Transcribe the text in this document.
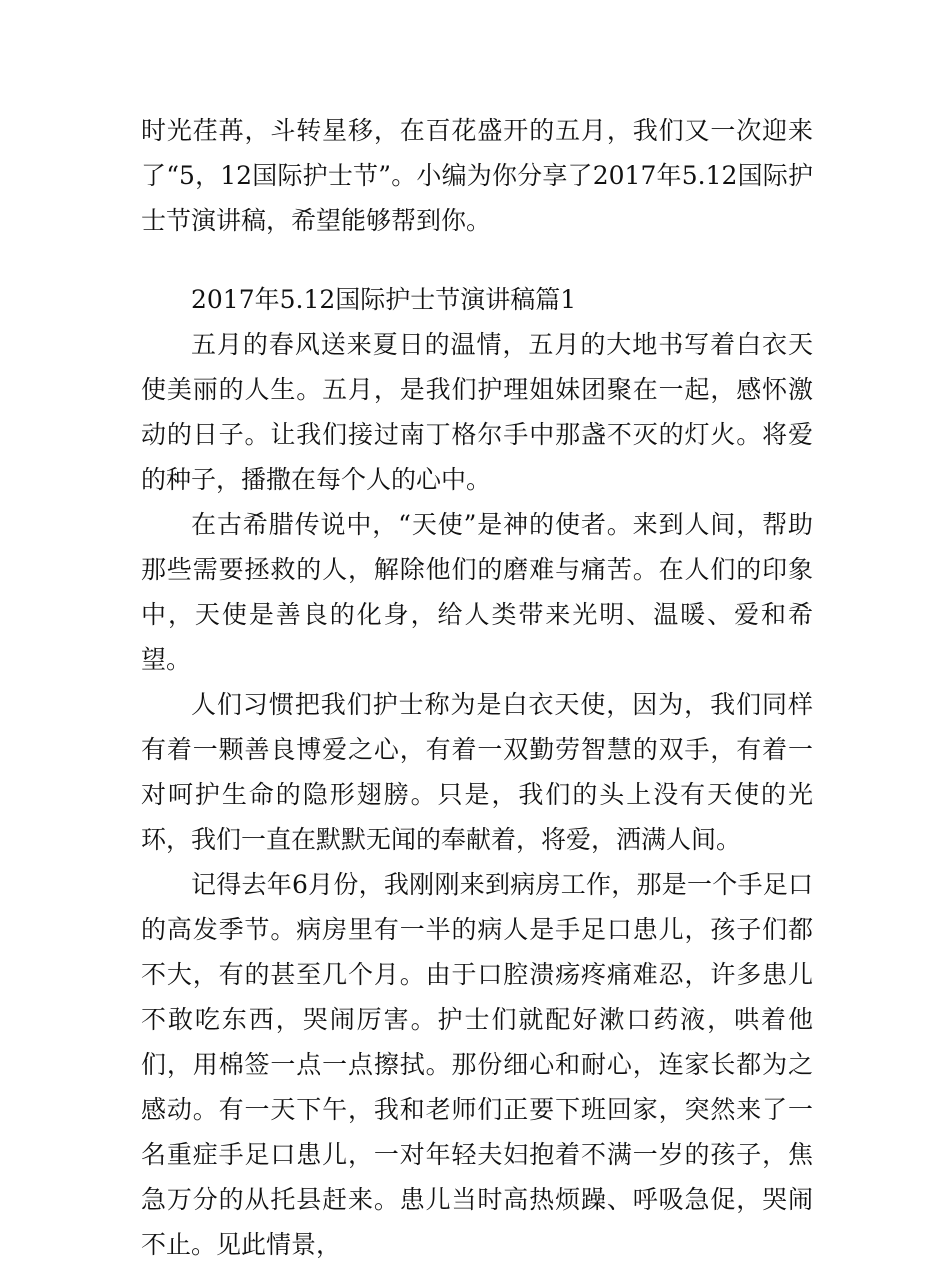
时光荏苒，斗转星移，在百花盛开的五月，我们又一次迎来了“5，12国际护士节”。小编为你分享了2017年5.12国际护士节演讲稿，希望能够帮到你。

2017年5.12国际护士节演讲稿篇1

五月的春风送来夏日的温情，五月的大地书写着白衣天使美丽的人生。五月，是我们护理姐妹团聚在一起，感怀激动的日子。让我们接过南丁格尔手中那盏不灭的灯火。将爱的种子，播撒在每个人的心中。

在古希腊传说中，“天使”是神的使者。来到人间，帮助那些需要拯救的人，解除他们的磨难与痛苦。在人们的印象中，天使是善良的化身，给人类带来光明、温暖、爱和希望。

人们习惯把我们护士称为是白衣天使，因为，我们同样有着一颗善良博爱之心，有着一双勤劳智慧的双手，有着一对呵护生命的隐形翅膀。只是，我们的头上没有天使的光环，我们一直在默默无闻的奉献着，将爱，洒满人间。

记得去年6月份，我刚刚来到病房工作，那是一个手足口的高发季节。病房里有一半的病人是手足口患儿，孩子们都不大，有的甚至几个月。由于口腔溃疡疼痛难忍，许多患儿不敢吃东西，哭闹厉害。护士们就配好漱口药液，哄着他们，用棉签一点一点擦拭。那份细心和耐心，连家长都为之感动。有一天下午，我和老师们正要下班回家，突然来了一名重症手足口患儿，一对年轻夫妇抱着不满一岁的孩子，焦急万分的从托县赶来。患儿当时高热烦躁、呼吸急促，哭闹不止。见此情景，
